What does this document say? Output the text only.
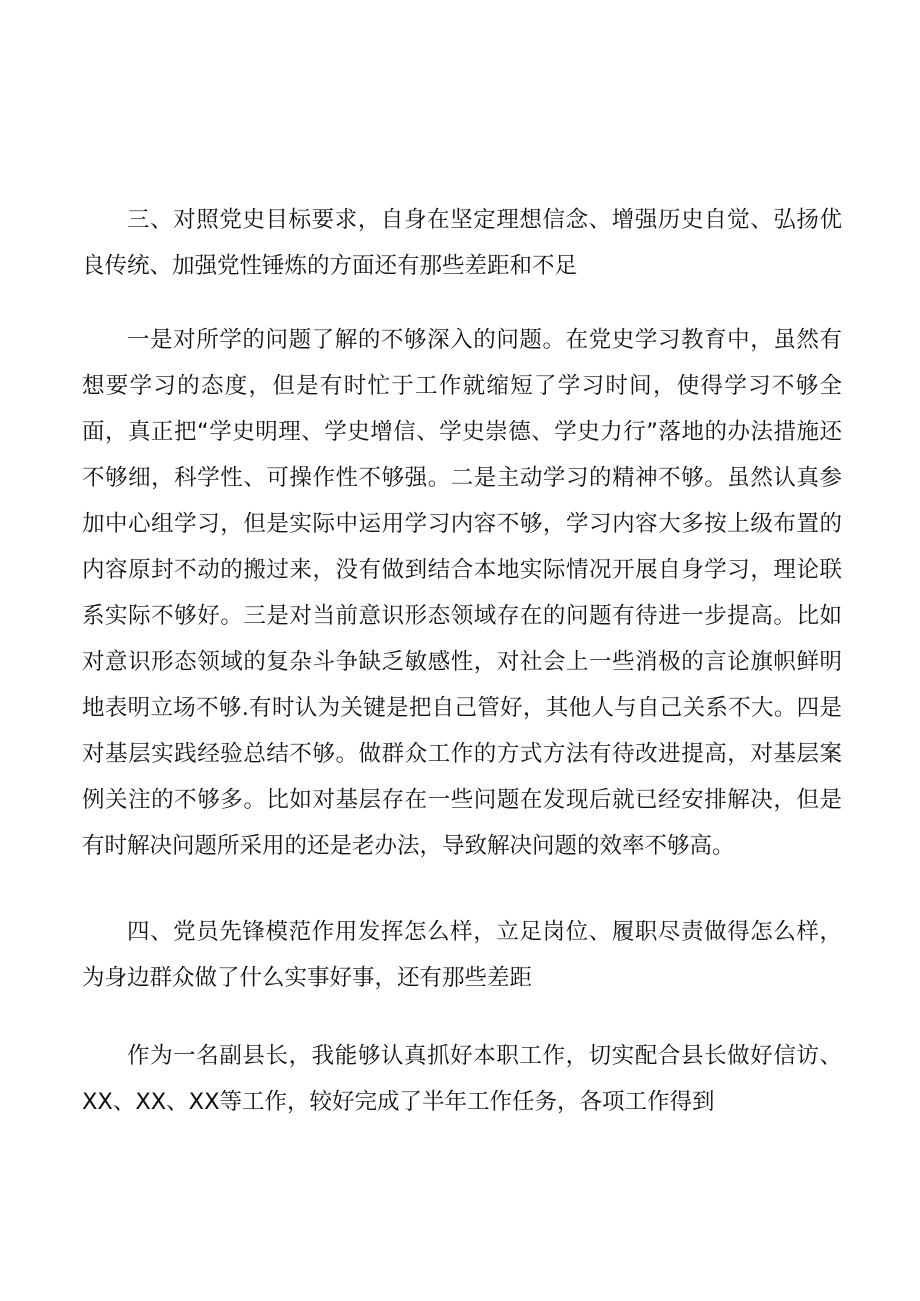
三、对照党史目标要求，自身在坚定理想信念、增强历史自觉、弘扬优良传统、加强党性锤炼的方面还有那些差距和不足

一是对所学的问题了解的不够深入的问题。在党史学习教育中，虽然有想要学习的态度，但是有时忙于工作就缩短了学习时间，使得学习不够全面，真正把“学史明理、学史增信、学史崇德、学史力行”落地的办法措施还不够细，科学性、可操作性不够强。二是主动学习的精神不够。虽然认真参加中心组学习，但是实际中运用学习内容不够，学习内容大多按上级布置的内容原封不动的搬过来，没有做到结合本地实际情况开展自身学习，理论联系实际不够好。三是对当前意识形态领域存在的问题有待进一步提高。比如对意识形态领域的复杂斗争缺乏敏感性，对社会上一些消极的言论旗帜鲜明地表明立场不够.有时认为关键是把自己管好，其他人与自己关系不大。四是对基层实践经验总结不够。做群众工作的方式方法有待改进提高，对基层案例关注的不够多。比如对基层存在一些问题在发现后就已经安排解决，但是有时解决问题所采用的还是老办法，导致解决问题的效率不够高。

四、党员先锋模范作用发挥怎么样，立足岗位、履职尽责做得怎么样，为身边群众做了什么实事好事，还有那些差距

作为一名副县长，我能够认真抓好本职工作，切实配合县长做好信访、XX、XX、XX等工作，较好完成了半年工作任务，各项工作得到
